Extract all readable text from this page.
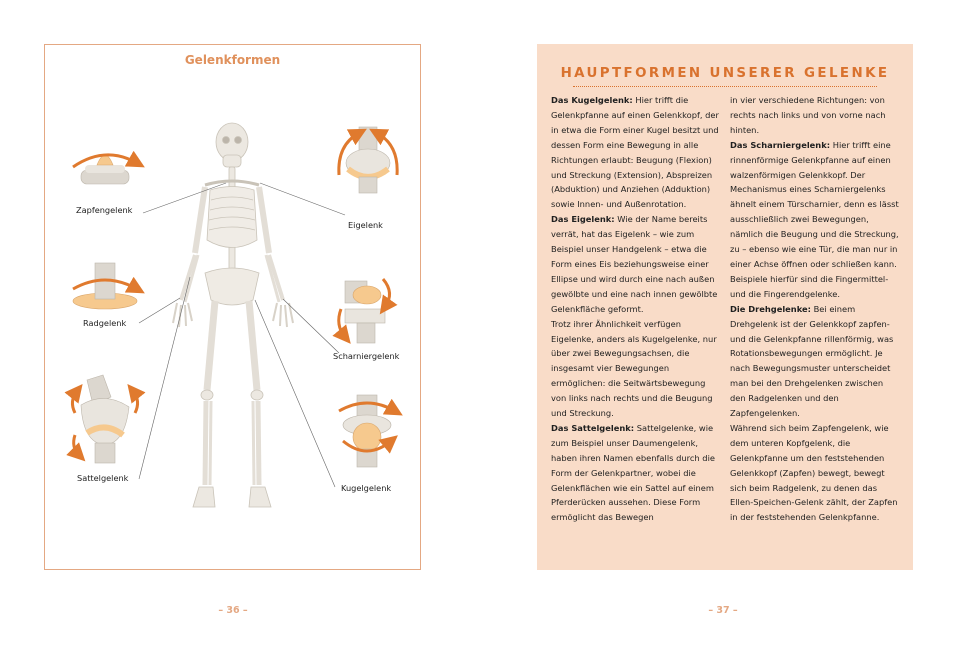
Gelenkformen
Zapfengelenk
Radgelenk
Sattelgelenk
Eigelenk
Scharniergelenk
Kugelgelenk
– 36 –
HAUPTFORMEN UNSERER GELENKE

Das Kugelgelenk: Hier trifft die Gelenkpfanne auf einen Gelenkkopf, der in etwa die Form einer Kugel besitzt und dessen Form eine Bewegung in alle Richtungen erlaubt: Beugung (Flexion) und Streckung (Extension), Abspreizen (Abduktion) und Anziehen (Adduktion) sowie Innen- und Außenrotation.

Das Eigelenk: Wie der Name bereits verrät, hat das Eigelenk – wie zum Beispiel unser Handgelenk – etwa die Form eines Eis beziehungsweise einer Ellipse und wird durch eine nach außen gewölbte und eine nach innen gewölbte Gelenkfläche geformt.

Trotz ihrer Ähnlichkeit verfügen Eigelenke, anders als Kugelgelenke, nur über zwei Bewegungsachsen, die insgesamt vier Bewegungen ermöglichen: die Seitwärtsbewegung von links nach rechts und die Beugung und Streckung.

Das Sattelgelenk: Sattelgelenke, wie zum Beispiel unser Daumengelenk, haben ihren Namen ebenfalls durch die Form der Gelenkpartner, wobei die Gelenkflächen wie ein Sattel auf einem Pferderücken aussehen. Diese Form ermöglicht das Bewegen

in vier verschiedene Richtungen: von rechts nach links und von vorne nach hinten.

Das Scharniergelenk: Hier trifft eine rinnenförmige Gelenkpfanne auf einen walzenförmigen Gelenkkopf. Der Mechanismus eines Scharniergelenks ähnelt einem Türscharnier, denn es lässt ausschließlich zwei Bewegungen, nämlich die Beugung und die Streckung, zu – ebenso wie eine Tür, die man nur in einer Achse öffnen oder schließen kann. Beispiele hierfür sind die Fingermittel- und die Fingerendgelenke.

Die Drehgelenke: Bei einem Drehgelenk ist der Gelenkkopf zapfen- und die Gelenkpfanne rillenförmig, was Rotationsbewegungen ermöglicht. Je nach Bewegungsmuster unterscheidet man bei den Drehgelenken zwischen den Radgelenken und den Zapfengelenken.

Während sich beim Zapfengelenk, wie dem unteren Kopfgelenk, die Gelenkpfanne um den feststehenden Gelenkkopf (Zapfen) bewegt, bewegt sich beim Radgelenk, zu denen das Ellen-Speichen-Gelenk zählt, der Zapfen in der feststehenden Gelenkpfanne.

– 37 –
